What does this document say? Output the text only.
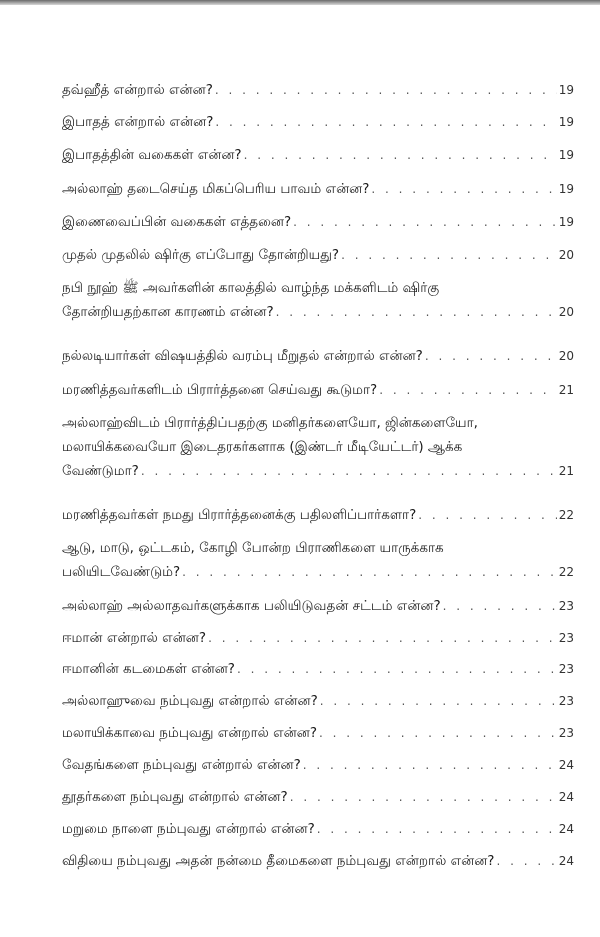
தவ்ஹீத் என்றால் என்ன? . . .	19
இபாதத் என்றால் என்ன? . . .	19
இபாதத்தின் வகைகள் என்ன? . . .	19
அல்லாஹ் தடைசெய்த மிகப்பெரிய பாவம் என்ன? . . .	19
இணைவைப்பின் வகைகள் எத்தனை? . . .	19
முதல் முதலில் ஷிர்கு எப்போது தோன்றியது? . . .	20
நபி நூஹ் ﷺ அவர்களின் காலத்தில் வாழ்ந்த மக்களிடம் ஷிர்கு
தோன்றியதற்கான காரணம் என்ன? . . .	20
நல்லடியார்கள் விஷயத்தில் வரம்பு மீறுதல் என்றால் என்ன? . . .	20
மரணித்தவர்களிடம் பிரார்த்தனை செய்வது கூடுமா? . . .	21
அல்லாஹ்விடம் பிரார்த்திப்பதற்கு மனிதர்களையோ, ஜின்களையோ,
மலாயிக்கவையோ இடைதரகர்களாக (இண்டர் மீடியேட்டர்) ஆக்க
வேண்டுமா? . . .	21
மரணித்தவர்கள் நமது பிரார்த்தனைக்கு பதிலளிப்பார்களா? . . .	22
ஆடு, மாடு, ஒட்டகம், கோழி போன்ற பிராணிகளை யாருக்காக
பலியிடவேண்டும்? . . .	22
அல்லாஹ் அல்லாதவர்களுக்காக பலியிடுவதன் சட்டம் என்ன? . . .	23
ஈமான் என்றால் என்ன? . . .	23
ஈமானின் கடமைகள் என்ன? . . .	23
அல்லாஹுவை நம்புவது என்றால் என்ன? . . .	23
மலாயிக்காவை நம்புவது என்றால் என்ன? . . .	23
வேதங்களை நம்புவது என்றால் என்ன? . . .	24
தூதர்களை நம்புவது என்றால் என்ன? . . .	24
மறுமை நாளை நம்புவது என்றால் என்ன? . . .	24
விதியை நம்புவது அதன் நன்மை தீமைகளை நம்புவது என்றால் என்ன? . . .	24
